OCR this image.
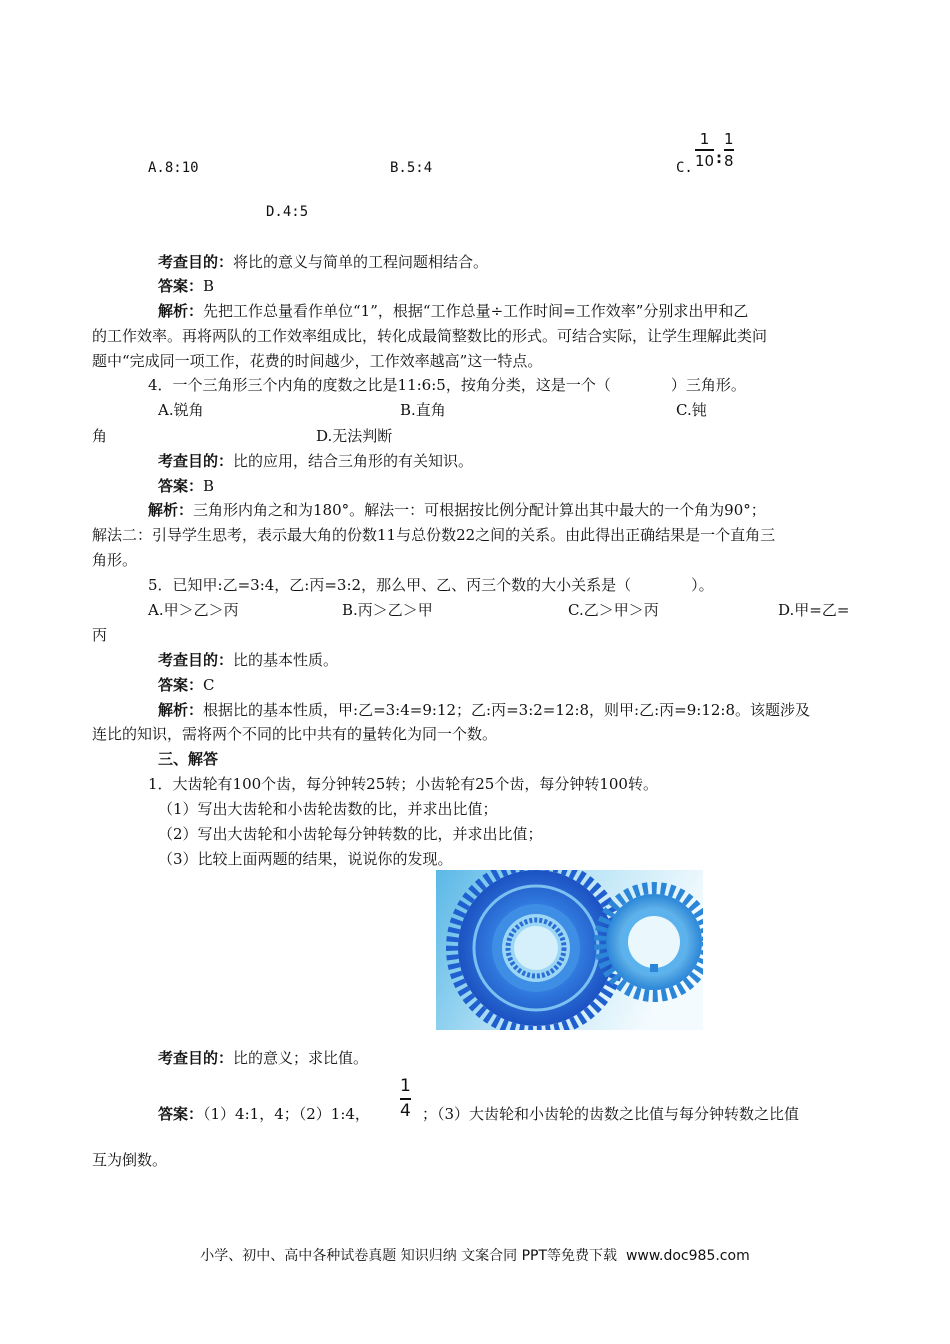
A.8:10	B.5:4	C.
1
10 :
1
8
D.4:5
考查目的：将比的意义与简单的工程问题相结合。
答案：B
解析：先把工作总量看作单位“1”，根据“工作总量÷工作时间=工作效率”分别求出甲和乙
的工作效率。再将两队的工作效率组成比，转化成最简整数比的形式。可结合实际，让学生理解此类问
题中“完成同一项工作，花费的时间越少，工作效率越高”这一特点。
4．一个三角形三个内角的度数之比是11:6:5，按角分类，这是一个（　　　　）三角形。
A.锐角	B.直角	C.钝
角	D.无法判断
考查目的：比的应用，结合三角形的有关知识。
答案：B
解析：三角形内角之和为180°。解法一：可根据按比例分配计算出其中最大的一个角为90°；
解法二：引导学生思考，表示最大角的份数11与总份数22之间的关系。由此得出正确结果是一个直角三
角形。
5．已知甲:乙=3:4，乙:丙=3:2，那么甲、乙、丙三个数的大小关系是（　　　　）。
A.甲＞乙＞丙	B.丙＞乙＞甲	C.乙＞甲＞丙	D.甲=乙=
丙
考查目的：比的基本性质。
答案：C
解析：根据比的基本性质，甲:乙=3:4=9:12；乙:丙=3:2=12:8，则甲:乙:丙=9:12:8。该题涉及
连比的知识，需将两个不同的比中共有的量转化为同一个数。
三、解答
1．大齿轮有100个齿，每分钟转25转；小齿轮有25个齿，每分钟转100转。
（1）写出大齿轮和小齿轮齿数的比，并求出比值；
（2）写出大齿轮和小齿轮每分钟转数的比，并求出比值；
（3）比较上面两题的结果，说说你的发现。
考查目的：比的意义；求比值。
答案：（1）4:1，4；（2）1:4，
1
4 ；（3）大齿轮和小齿轮的齿数之比值与每分钟转数之比值
互为倒数。
小学、初中、高中各种试卷真题 知识归纳 文案合同 PPT等免费下载 www.doc985.com
